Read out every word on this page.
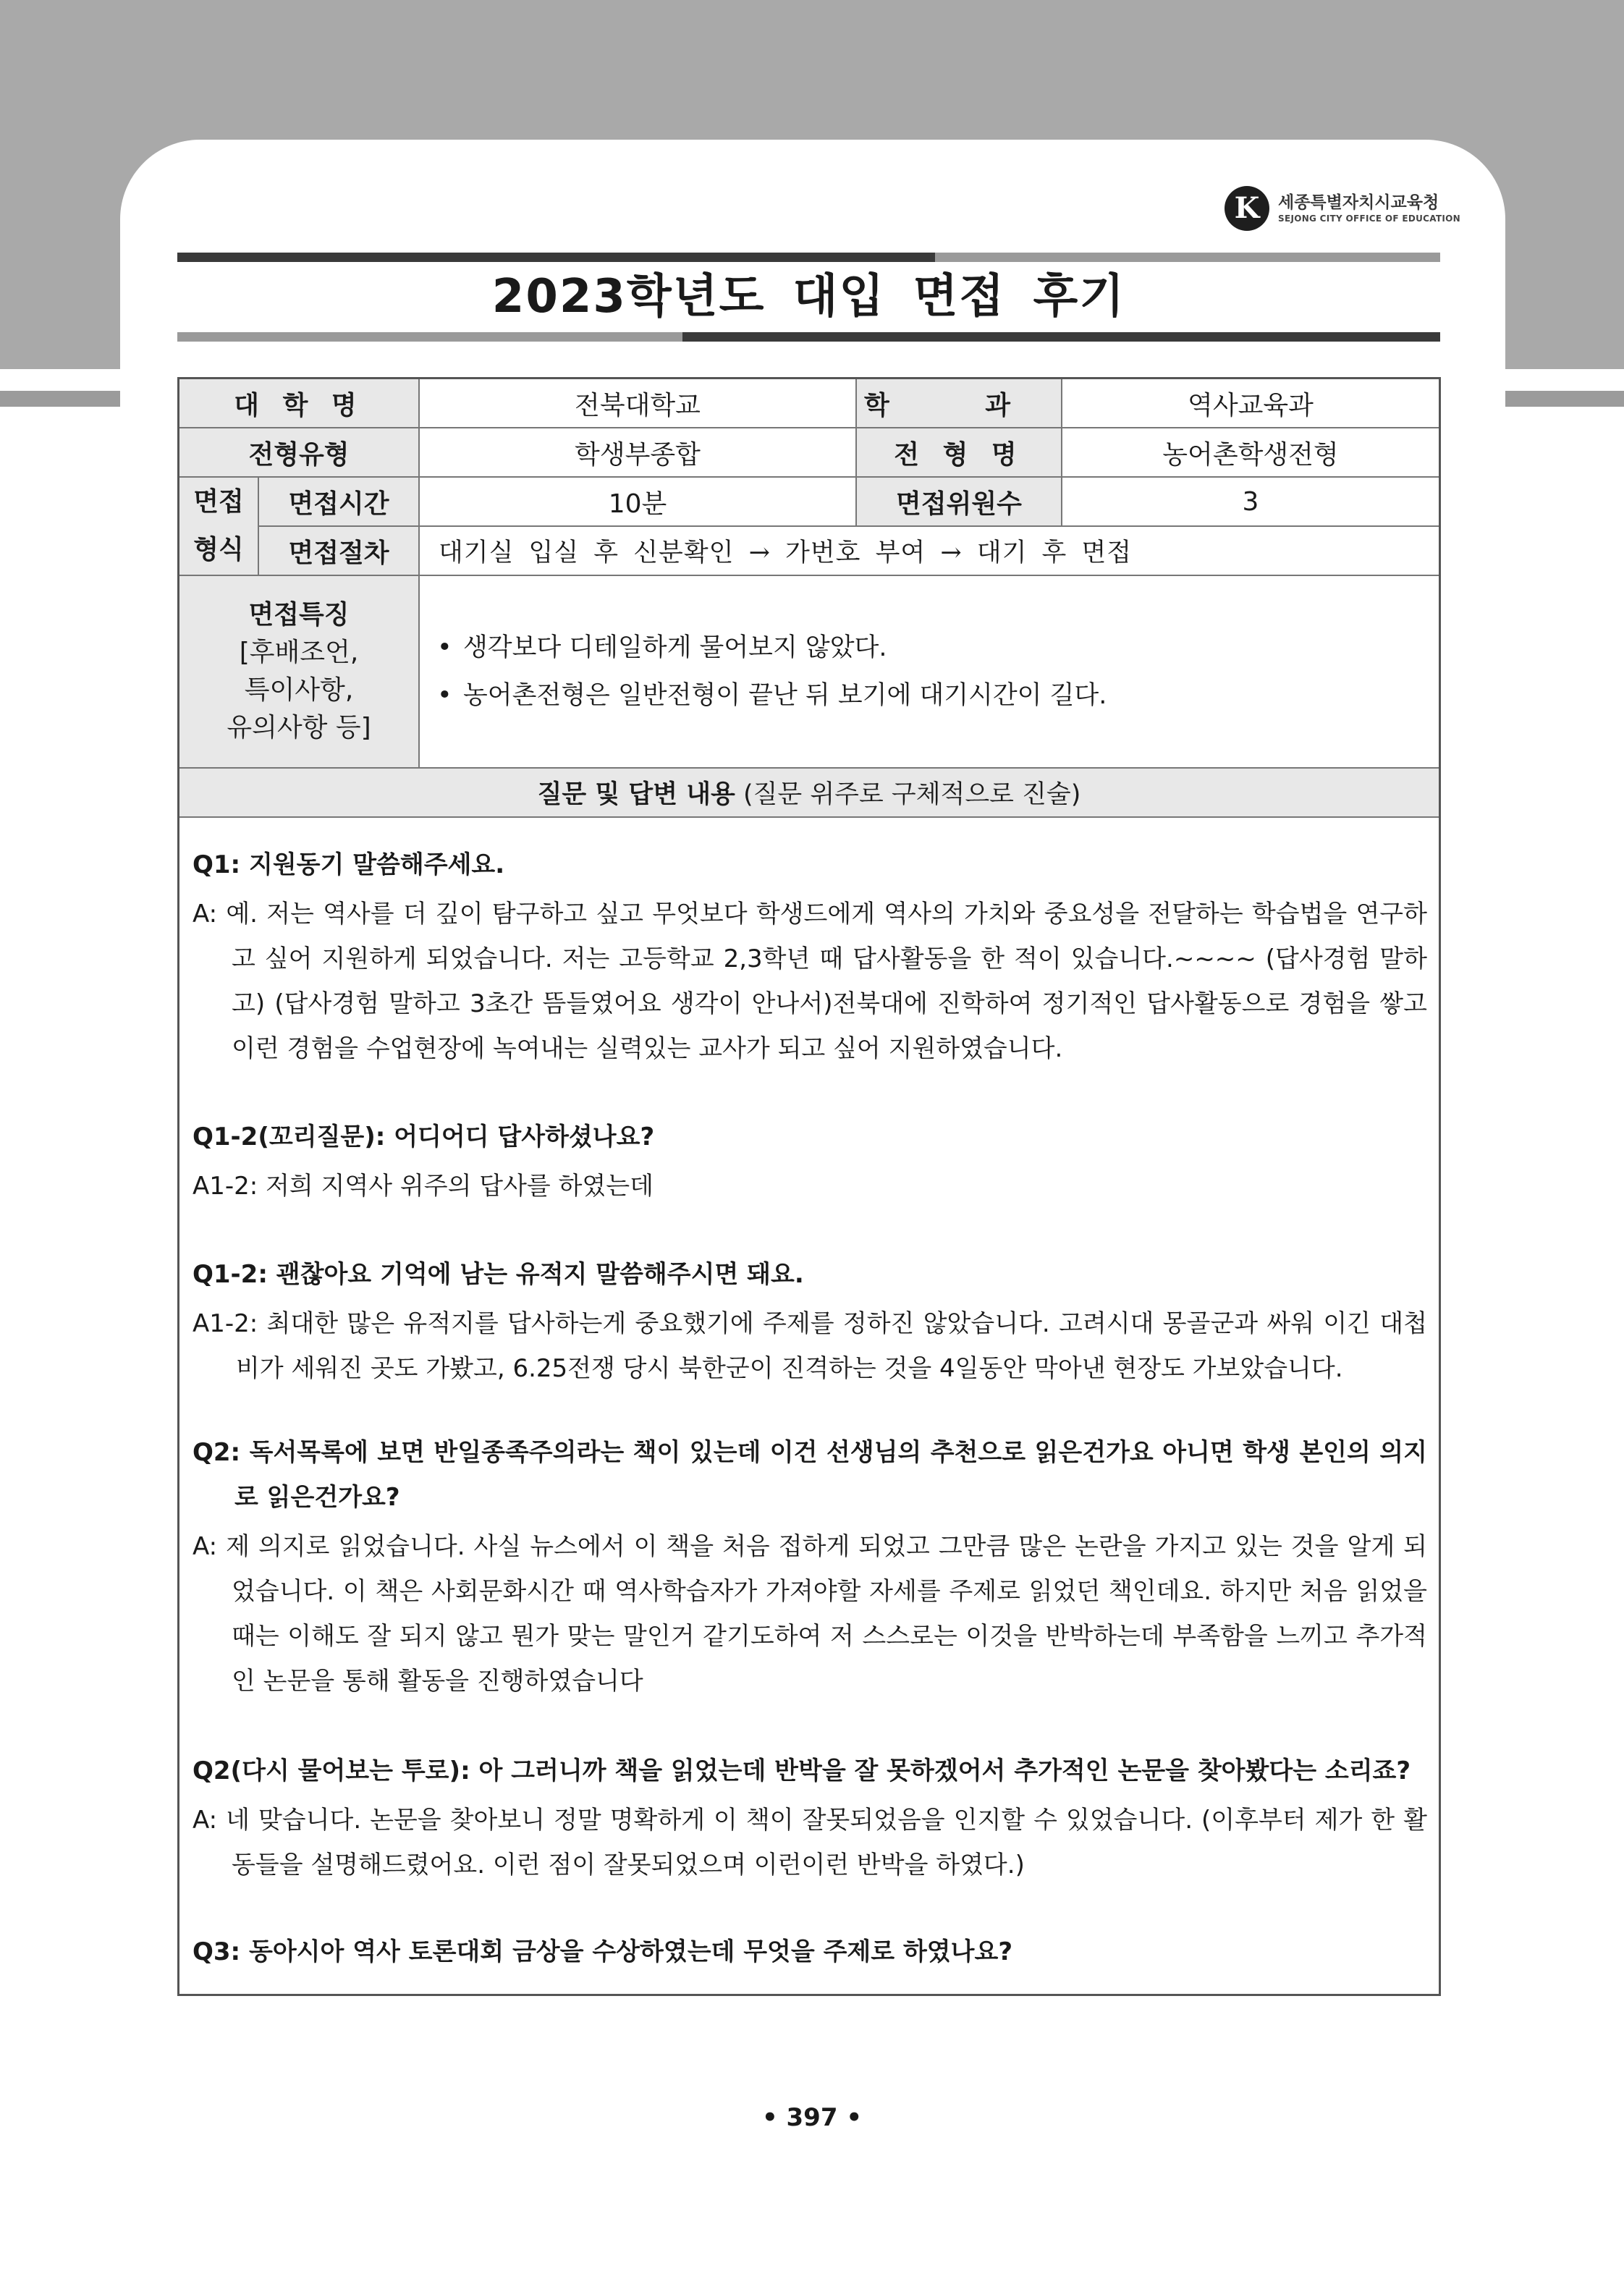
K	세종특별자치시교육청
SEJONG CITY OFFICE OF EDUCATION
2023학년도 대입 면접 후기
대 학 명	전북대학교	학 과	역사교육과
전형유형	학생부종합	전 형 명	농어촌학생전형
면접
형식
면접시간	10분	면접위원수	3
면접절차	대기실 입실 후 신분확인 → 가번호 부여 → 대기 후 면접
면접특징
[후배조언,
특이사항,
유의사항 등]
• 생각보다 디테일하게 물어보지 않았다.
• 농어촌전형은 일반전형이 끝난 뒤 보기에 대기시간이 길다.
질문 및 답변 내용 (질문 위주로 구체적으로 진술)

Q1: 지원동기 말씀해주세요.

A: 예. 저는 역사를 더 깊이 탐구하고 싶고 무엇보다 학생드에게 역사의 가치와 중요성을 전달하는 학습법을 연구하고 싶어 지원하게 되었습니다. 저는 고등학교 2,3학년 때 답사활동을 한 적이 있습니다.~~~~ (답사경험 말하고) (답사경험 말하고 3초간 뜸들였어요 생각이 안나서)전북대에 진학하여 정기적인 답사활동으로 경험을 쌓고 이런 경험을 수업현장에 녹여내는 실력있는 교사가 되고 싶어 지원하였습니다.

Q1-2(꼬리질문): 어디어디 답사하셨나요?

A1-2: 저희 지역사 위주의 답사를 하였는데

Q1-2: 괜찮아요 기억에 남는 유적지 말씀해주시면 돼요.

A1-2: 최대한 많은 유적지를 답사하는게 중요했기에 주제를 정하진 않았습니다. 고려시대 몽골군과 싸워 이긴 대첩비가 세워진 곳도 가봤고, 6.25전쟁 당시 북한군이 진격하는 것을 4일동안 막아낸 현장도 가보았습니다.

Q2: 독서목록에 보면 반일종족주의라는 책이 있는데 이건 선생님의 추천으로 읽은건가요 아니면 학생 본인의 의지로 읽은건가요?

A: 제 의지로 읽었습니다. 사실 뉴스에서 이 책을 처음 접하게 되었고 그만큼 많은 논란을 가지고 있는 것을 알게 되었습니다. 이 책은 사회문화시간 때 역사학습자가 가져야할 자세를 주제로 읽었던 책인데요. 하지만 처음 읽었을 때는 이해도 잘 되지 않고 뭔가 맞는 말인거 같기도하여 저 스스로는 이것을 반박하는데 부족함을 느끼고 추가적인 논문을 통해 활동을 진행하였습니다

Q2(다시 물어보는 투로): 아 그러니까 책을 읽었는데 반박을 잘 못하겠어서 추가적인 논문을 찾아봤다는 소리죠?

A: 네 맞습니다. 논문을 찾아보니 정말 명확하게 이 책이 잘못되었음을 인지할 수 있었습니다. (이후부터 제가 한 활동들을 설명해드렸어요. 이런 점이 잘못되었으며 이런이런 반박을 하였다.)

Q3: 동아시아 역사 토론대회 금상을 수상하였는데 무엇을 주제로 하였나요?

• 397 •
